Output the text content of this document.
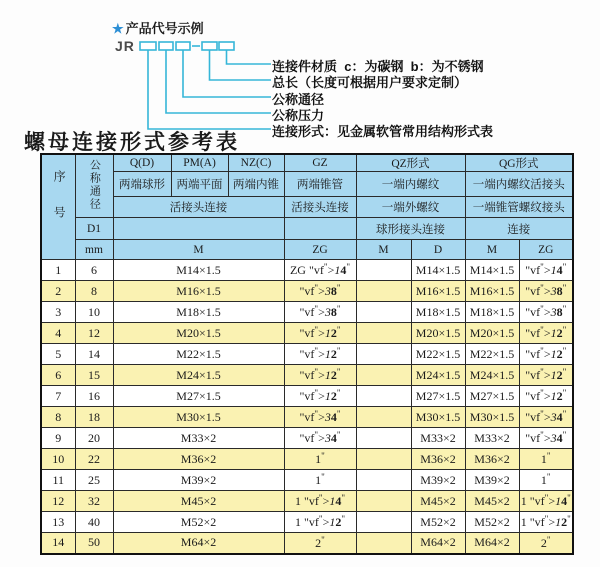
★ 产品代号示例
JR
连接件材质  c：为碳钢  b：为不锈钢
总长（长度可根据用户要求定制）
公称通径
公称压力
连接形式：见金属软管常用结构形式表
螺母连接形式参考表
序号	公称通径	Q(D)	PM(A)	NZ(C)	GZ	QZ形式		QG形式	
		两端球形	两端平面	两端内锥	两端锥管	一端内螺纹		一端内螺纹活接头	
		活接头连接			活接头连接	一端外螺纹		一端锥管螺纹接头	
	D1					球形接头连接		连接	
	mm	M			ZG	M	D	M	ZG
1	6	M14×1.5			ZG "vf">14"		M14×1.5	M14×1.5	"vf">14"
2	8	M16×1.5			"vf">38"		M16×1.5	M16×1.5	"vf">38"
3	10	M18×1.5			"vf">38"		M18×1.5	M18×1.5	"vf">38"
4	12	M20×1.5			"vf">12"		M20×1.5	M20×1.5	"vf">12"
5	14	M22×1.5			"vf">12"		M22×1.5	M22×1.5	"vf">12"
6	15	M24×1.5			"vf">12"		M24×1.5	M24×1.5	"vf">12"
7	16	M27×1.5			"vf">12"		M27×1.5	M27×1.5	"vf">12"
8	18	M30×1.5			"vf">34"		M30×1.5	M30×1.5	"vf">34"
9	20	M33×2			"vf">34"		M33×2	M33×2	"vf">34"
10	22	M36×2			1"		M36×2	M36×2	1"
11	25	M39×2			1"		M39×2	M39×2	1"
12	32	M45×2			1 "vf">14"		M45×2	M45×2	1 "vf">14"
13	40	M52×2			1 "vf">12"		M52×2	M52×2	1 "vf">12"
14	50	M64×2			2"		M64×2	M64×2	2"
